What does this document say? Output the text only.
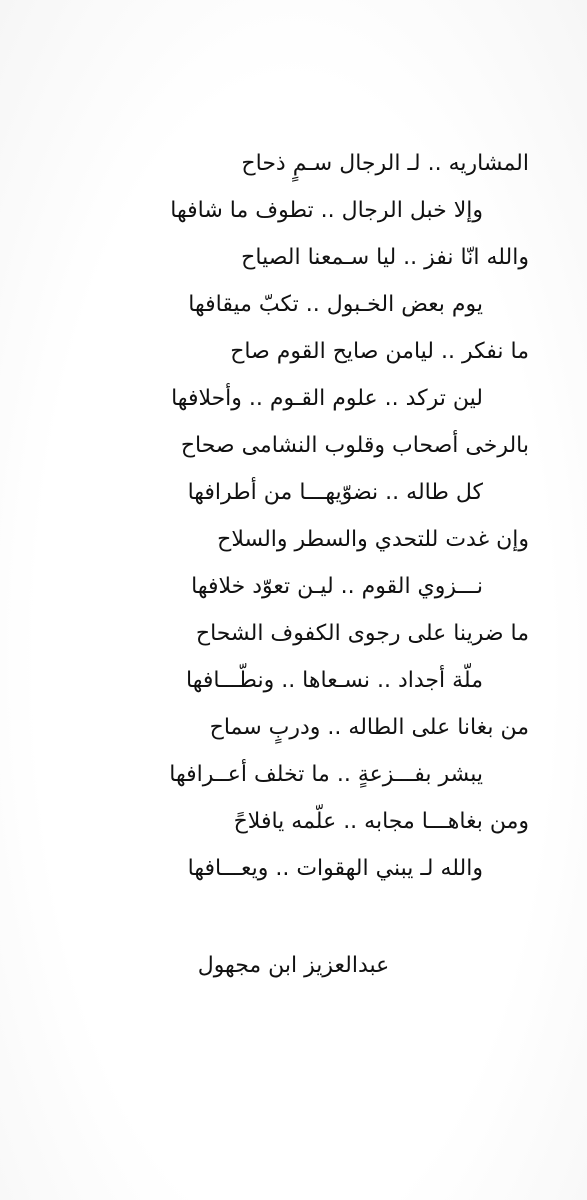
المشاريه .. لـ الرجال سـمٍ ذحاح
وإلا خبل الرجال .. تطوف ما شافها
والله انّا نفز .. ليا سـمعنا الصياح
يوم بعض الخـبول .. تكبّ ميقافها
ما نفكر .. ليامن صايح القوم صاح
لين تركد .. علوم القـوم .. وأحلافها
بالرخى أصحاب وقلوب النشامى صحاح
كل طاله .. نضوّيهـــا من أطرافها
وإن غدت للتحدي والسطر والسلاح
نـــزوي القوم .. ليـن تعوّد خلافها
ما ضرينا على رجوى الكفوف الشحاح
ملّة أجداد .. نسـعاها .. ونطّـــافها
من بغانا على الطاله .. ودربٍ سماح
يبشر بفـــزعةٍ .. ما تخلف أعــرافها
ومن بغاهـــا مجابه .. علّمه يافلاحً
والله لـ يبني الهقوات .. ويعـــافها
عبدالعزيز ابن مجهول
